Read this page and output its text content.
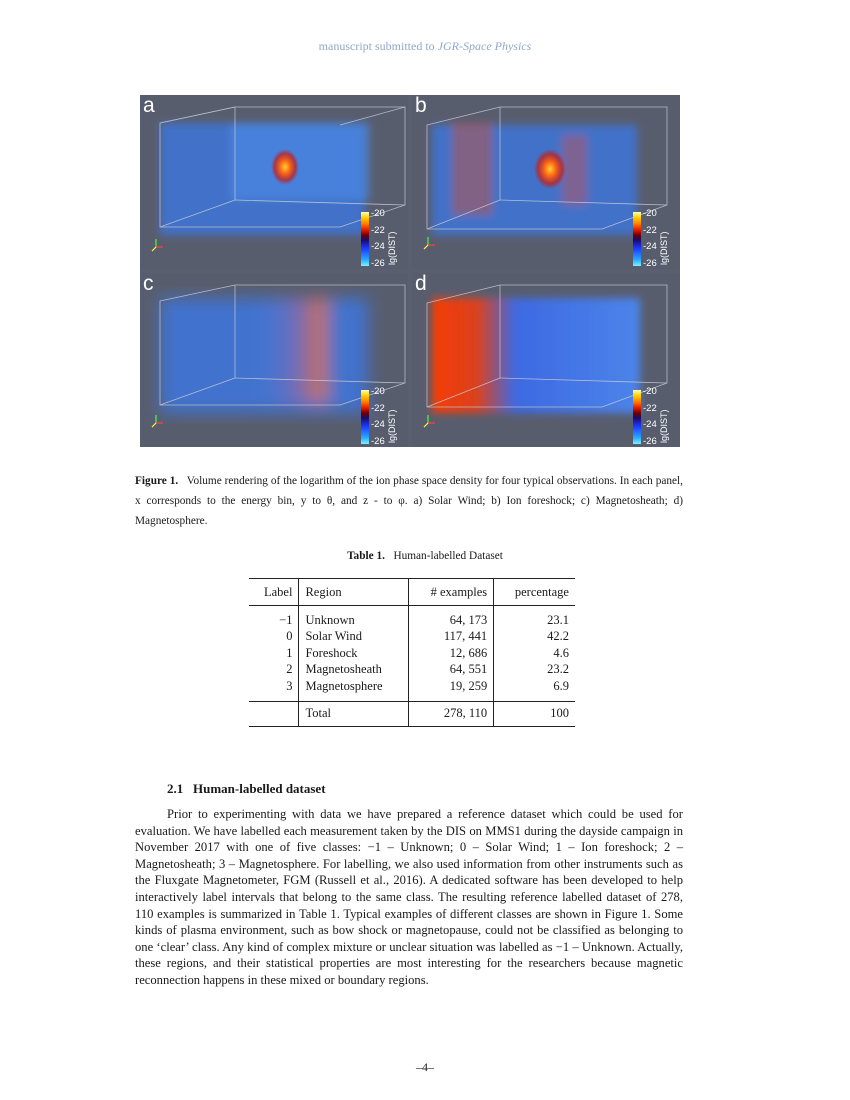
manuscript submitted to JGR-Space Physics
a
-20
-22
-24
-26 lg(DIST)
b
-20
-22
-24
-26 lg(DIST)
c
-20
-22
-24
-26 lg(DIST)
d
-20
-22
-24
-26 lg(DIST)
Figure 1. Volume rendering of the logarithm of the ion phase space density for four typical observations. In each panel, x corresponds to the energy bin, y to θ, and z - to φ. a) Solar Wind; b) Ion foreshock; c) Magnetosheath; d) Magnetosphere.
Table 1. Human-labelled Dataset
Label	Region	# examples	percentage
−1	Unknown	64, 173	23.1
0	Solar Wind	117, 441	42.2
1	Foreshock	12, 686	4.6
2	Magnetosheath	64, 551	23.2
3	Magnetosphere	19, 259	6.9
	Total	278, 110	100
2.1 Human-labelled dataset
Prior to experimenting with data we have prepared a reference dataset which could be used for evaluation. We have labelled each measurement taken by the DIS on MMS1 during the dayside campaign in November 2017 with one of five classes: −1 – Unknown; 0 – Solar Wind; 1 – Ion foreshock; 2 – Magnetosheath; 3 – Magnetosphere. For labelling, we also used information from other instruments such as the Fluxgate Magnetometer, FGM (Russell et al., 2016). A dedicated software has been developed to help interactively label intervals that belong to the same class. The resulting reference labelled dataset of 278, 110 examples is summarized in Table 1. Typical examples of different classes are shown in Figure 1. Some kinds of plasma environment, such as bow shock or magnetopause, could not be classified as belonging to one ‘clear’ class. Any kind of complex mixture or unclear situation was labelled as −1 – Unknown. Actually, these regions, and their statistical properties are most interesting for the researchers because magnetic reconnection happens in these mixed or boundary regions.
–4–
